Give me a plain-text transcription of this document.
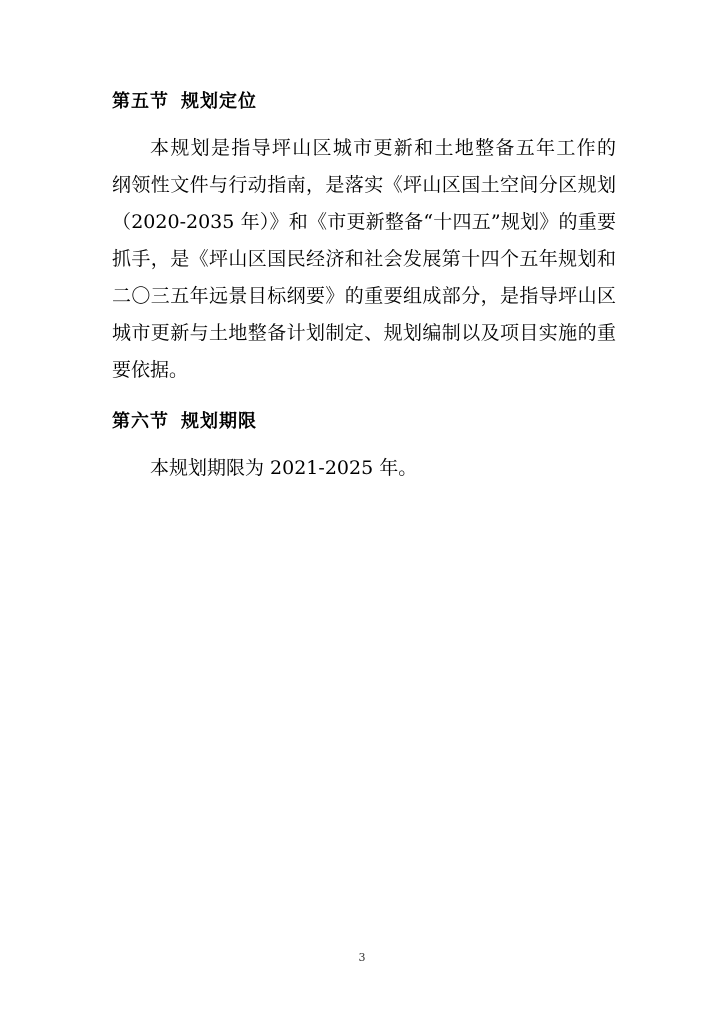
第五节 规划定位
本规划是指导坪山区城市更新和土地整备五年工作的
纲领性文件与行动指南，是落实《坪山区国土空间分区规划
（2020-2035 年）》和《市更新整备“十四五”规划》的重要
抓手，是《坪山区国民经济和社会发展第十四个五年规划和
二〇三五年远景目标纲要》的重要组成部分，是指导坪山区
城市更新与土地整备计划制定、规划编制以及项目实施的重
要依据。
第六节 规划期限
本规划期限为 2021-2025 年。
3
